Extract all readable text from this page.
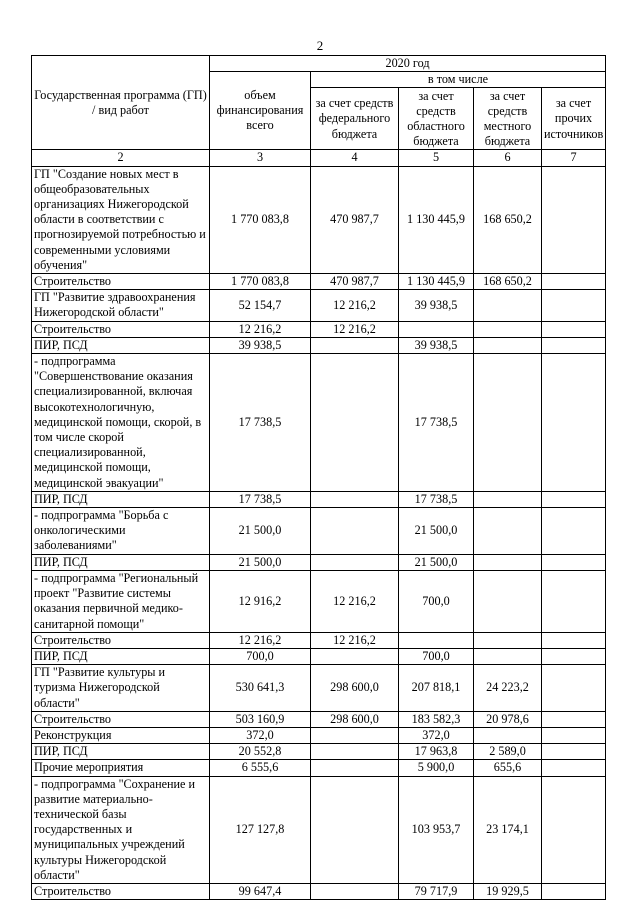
2
Государственная программа (ГП) / вид работ	2020 год				
	объем финансирования всего	в том числе			
		за счет средств федерального бюджета	за счет средств областного бюджета	за счет средств местного бюджета	за счет прочих источников
2	3	4	5	6	7
ГП "Создание новых мест в общеобразовательных организациях Нижегородской области в соответствии с прогнозируемой потребностью и современными условиями обучения"	1 770 083,8	470 987,7	1 130 445,9	168 650,2	
Строительство	1 770 083,8	470 987,7	1 130 445,9	168 650,2	
ГП "Развитие здравоохранения Нижегородской области"	52 154,7	12 216,2	39 938,5		
Строительство	12 216,2	12 216,2			
ПИР, ПСД	39 938,5		39 938,5		
- подпрограмма "Совершенствование оказания специализированной, включая высокотехнологичную, медицинской помощи, скорой, в том числе скорой специализированной, медицинской помощи, медицинской эвакуации"	17 738,5		17 738,5		
ПИР, ПСД	17 738,5		17 738,5		
- подпрограмма "Борьба с онкологическими заболеваниями"	21 500,0		21 500,0		
ПИР, ПСД	21 500,0		21 500,0		
- подпрограмма "Региональный проект "Развитие системы оказания первичной медико-санитарной помощи"	12 916,2	12 216,2	700,0		
Строительство	12 216,2	12 216,2			
ПИР, ПСД	700,0		700,0		
ГП "Развитие культуры и туризма Нижегородской области"	530 641,3	298 600,0	207 818,1	24 223,2	
Строительство	503 160,9	298 600,0	183 582,3	20 978,6	
Реконструкция	372,0		372,0		
ПИР, ПСД	20 552,8		17 963,8	2 589,0	
Прочие мероприятия	6 555,6		5 900,0	655,6	
- подпрограмма "Сохранение и развитие материально-технической базы государственных и муниципальных учреждений культуры Нижегородской области"	127 127,8		103 953,7	23 174,1	
Строительство	99 647,4		79 717,9	19 929,5	
